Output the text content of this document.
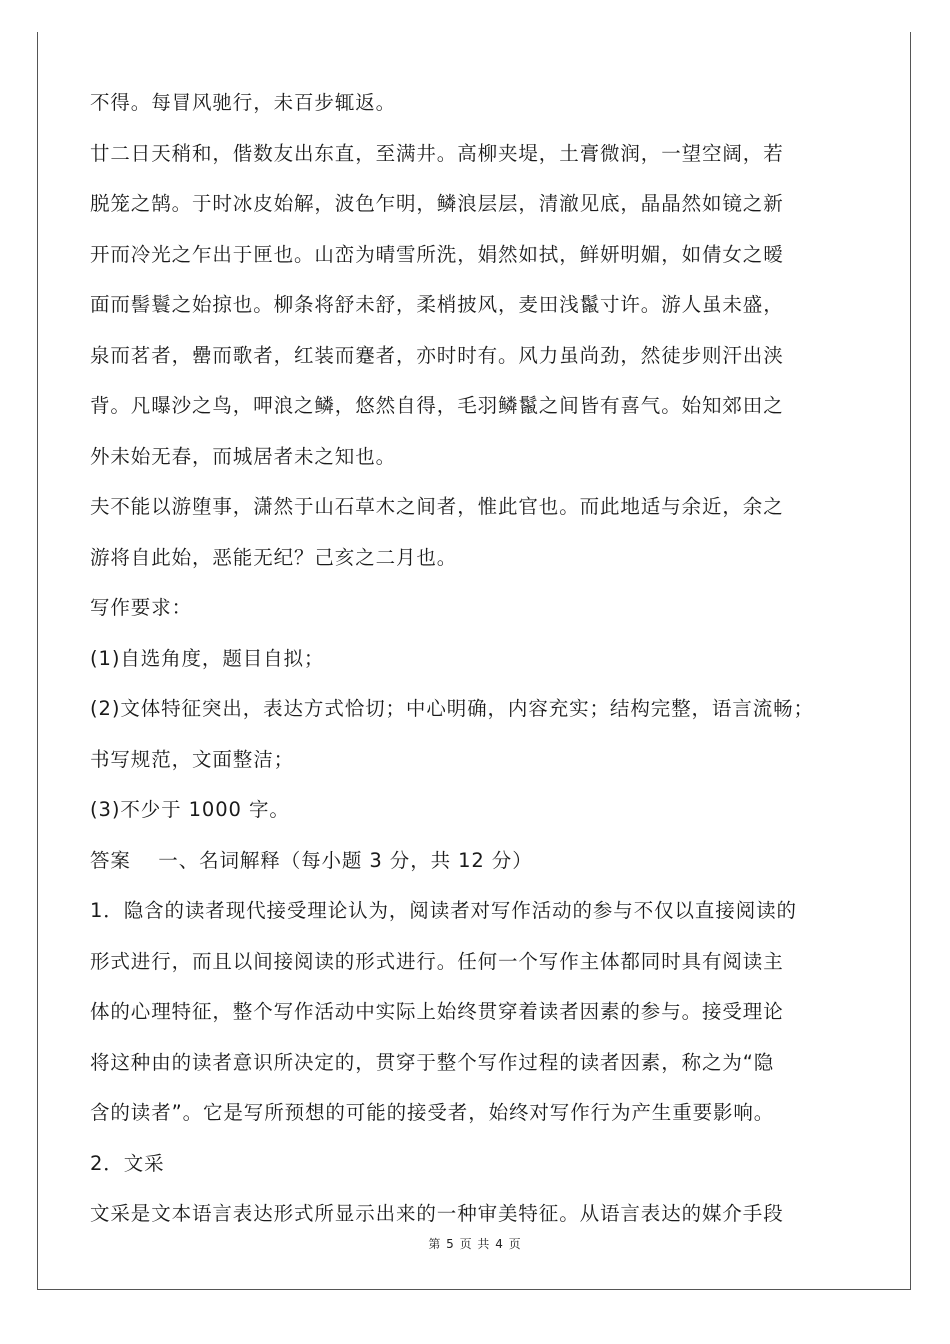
不得。每冒风驰行，未百步辄返。
廿二日天稍和，偕数友出东直，至满井。高柳夹堤，土膏微润，一望空阔，若
脱笼之鹄。于时冰皮始解，波色乍明，鳞浪层层，清澈见底，晶晶然如镜之新
开而冷光之乍出于匣也。山峦为晴雪所洗，娟然如拭，鲜妍明媚，如倩女之暧
面而髻鬟之始掠也。柳条将舒未舒，柔梢披风，麦田浅鬣寸许。游人虽未盛，
泉而茗者，罍而歌者，红装而蹇者，亦时时有。风力虽尚劲，然徒步则汗出浃
背。凡曝沙之鸟，呷浪之鳞，悠然自得，毛羽鳞鬣之间皆有喜气。始知郊田之
外未始无春，而城居者未之知也。
夫不能以游堕事，潇然于山石草木之间者，惟此官也。而此地适与余近，余之
游将自此始，恶能无纪？己亥之二月也。
写作要求：
(1)自选角度，题目自拟；
(2)文体特征突出，表达方式恰切；中心明确，内容充实；结构完整，语言流畅；
书写规范，文面整洁；
(3)不少于 1000 字。
答案　 一、名词解释（每小题 3 分，共 12 分）
1．隐含的读者现代接受理论认为，阅读者对写作活动的参与不仅以直接阅读的
形式进行，而且以间接阅读的形式进行。任何一个写作主体都同时具有阅读主
体的心理特征，整个写作活动中实际上始终贯穿着读者因素的参与。接受理论
将这种由的读者意识所决定的，贯穿于整个写作过程的读者因素，称之为“隐
含的读者”。它是写所预想的可能的接受者，始终对写作行为产生重要影响。
2．文采
文采是文本语言表达形式所显示出来的一种审美特征。从语言表达的媒介手段
第 5 页 共 4 页
